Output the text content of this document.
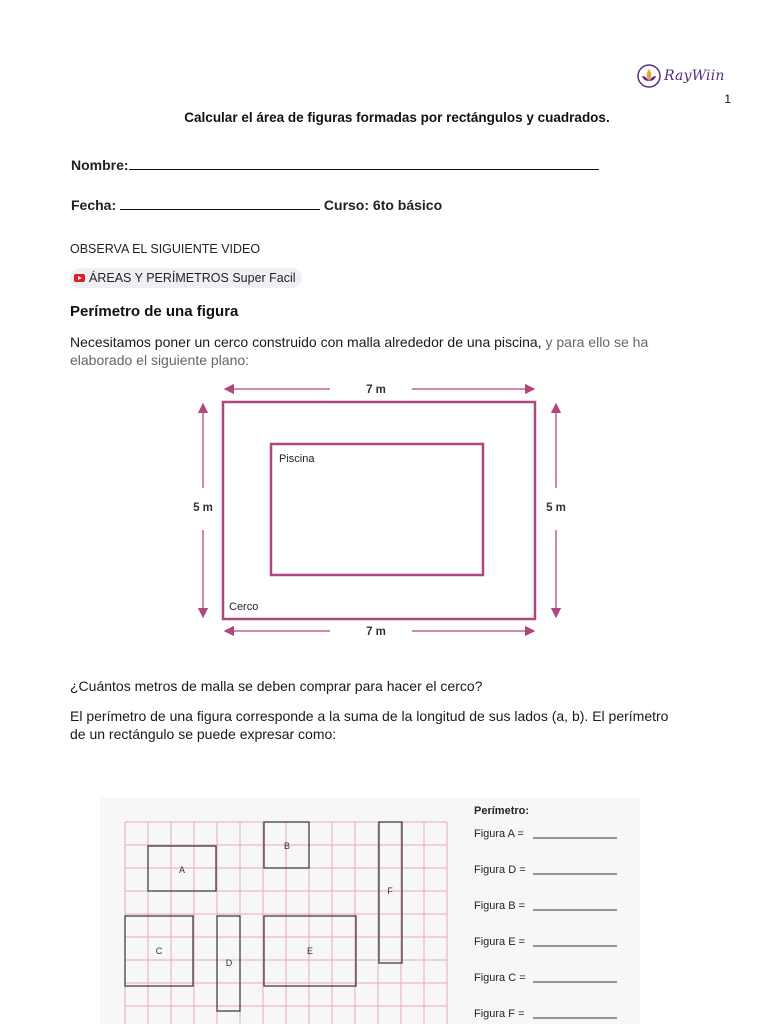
RayWiin
1
Calcular el área de figuras formadas por rectángulos y cuadrados.
Nombre:
Fecha:	Curso: 6to básico
OBSERVA EL SIGUIENTE VIDEO
ÁREAS Y PERÍMETROS Super Facil
Perímetro de una figura
Necesitamos poner un cerco construido con malla alrededor de una piscina, y para ello se ha
elaborado el siguiente plano:
7 m
7 m
5 m	5 m
Piscina
Cerco
¿Cuántos metros de malla se deben comprar para hacer el cerco?
El perímetro de una figura corresponde a la suma de la longitud de sus lados (a, b). El perímetro
de un rectángulo se puede expresar como:
A
B
C
D
E
F
Perímetro:
Figura A =
Figura D =
Figura B =
Figura E =
Figura C =
Figura F =
